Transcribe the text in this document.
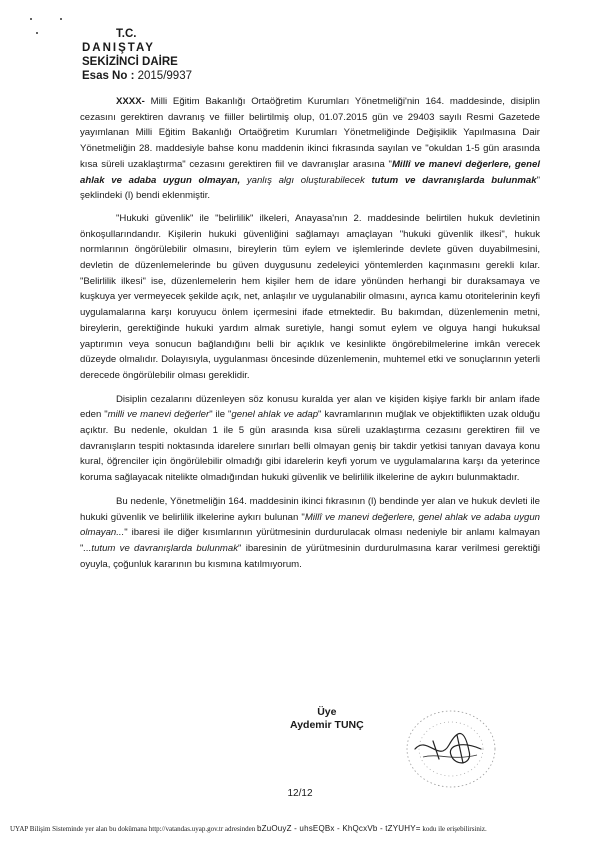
T.C.
DANIŞTAY
SEKİZİNCİ DAİRE
Esas No : 2015/9937

XXXX- Milli Eğitim Bakanlığı Ortaöğretim Kurumları Yönetmeliği'nin 164. maddesinde, disiplin cezasını gerektiren davranış ve fiiller belirtilmiş olup, 01.07.2015 gün ve 29403 sayılı Resmi Gazetede yayımlanan Milli Eğitim Bakanlığı Ortaöğretim Kurumları Yönetmeliğinde Değişiklik Yapılmasına Dair Yönetmeliğin 28. maddesiyle bahse konu maddenin ikinci fıkrasında sayılan ve "okuldan 1-5 gün arasında kısa süreli uzaklaştırma" cezasını gerektiren fiil ve davranışlar arasına "Millî ve manevi değerlere, genel ahlak ve adaba uygun olmayan, yanlış algı oluşturabilecek tutum ve davranışlarda bulunmak" şeklindeki (l) bendi eklenmiştir.

"Hukuki güvenlik" ile "belirlilik" ilkeleri, Anayasa'nın 2. maddesinde belirtilen hukuk devletinin önkoşullarındandır. Kişilerin hukuki güvenliğini sağlamayı amaçlayan "hukuki güvenlik ilkesi", hukuk normlarının öngörülebilir olmasını, bireylerin tüm eylem ve işlemlerinde devlete güven duyabilmesini, devletin de düzenlemelerinde bu güven duygusunu zedeleyici yöntemlerden kaçınmasını gerekli kılar. "Belirlilik ilkesi" ise, düzenlemelerin hem kişiler hem de idare yönünden herhangi bir duraksamaya ve kuşkuya yer vermeyecek şekilde açık, net, anlaşılır ve uygulanabilir olmasını, ayrıca kamu otoritelerinin keyfi uygulamalarına karşı koruyucu önlem içermesini ifade etmektedir. Bu bakımdan, düzenlemenin metni, bireylerin, gerektiğinde hukuki yardım almak suretiyle, hangi somut eylem ve olguya hangi hukuksal yaptırımın veya sonucun bağlandığını belli bir açıklık ve kesinlikte öngörebilmelerine imkân verecek düzeyde olmalıdır. Dolayısıyla, uygulanması öncesinde düzenlemenin, muhtemel etki ve sonuçlarının yeterli derecede öngörülebilir olması gereklidir.

Disiplin cezalarını düzenleyen söz konusu kuralda yer alan ve kişiden kişiye farklı bir anlam ifade eden "milli ve manevi değerler" ile "genel ahlak ve adap" kavramlarının muğlak ve objektiflikten uzak olduğu açıktır. Bu nedenle, okuldan 1 ile 5 gün arasında kısa süreli uzaklaştırma cezasını gerektiren fiil ve davranışların tespiti noktasında idarelere sınırları belli olmayan geniş bir takdir yetkisi tanıyan davaya konu kural, öğrenciler için öngörülebilir olmadığı gibi idarelerin keyfi yorum ve uygulamalarına karşı da yeterince koruma sağlayacak nitelikte olmadığından hukuki güvenlik ve belirlilik ilkelerine de aykırı bulunmaktadır.

Bu nedenle, Yönetmeliğin 164. maddesinin ikinci fıkrasının (l) bendinde yer alan ve hukuk devleti ile hukuki güvenlik ve belirlilik ilkelerine aykırı bulunan "Millî ve manevi değerlere, genel ahlak ve adaba uygun olmayan..." ibaresi ile diğer kısımlarının yürütmesinin durdurulacak olması nedeniyle bir anlamı kalmayan "...tutum ve davranışlarda bulunmak" ibaresinin de yürütmesinin durdurulmasına karar verilmesi gerektiği oyuyla, çoğunluk kararının bu kısmına katılmıyorum.

Üye
Aydemir TUNÇ
12/12
UYAP Bilişim Sisteminde yer alan bu dokümana http://vatandas.uyap.gov.tr adresinden bZuOuyZ - uhsEQBx - KhQcxVb - tZYUHY= kodu ile erişebilirsiniz.
